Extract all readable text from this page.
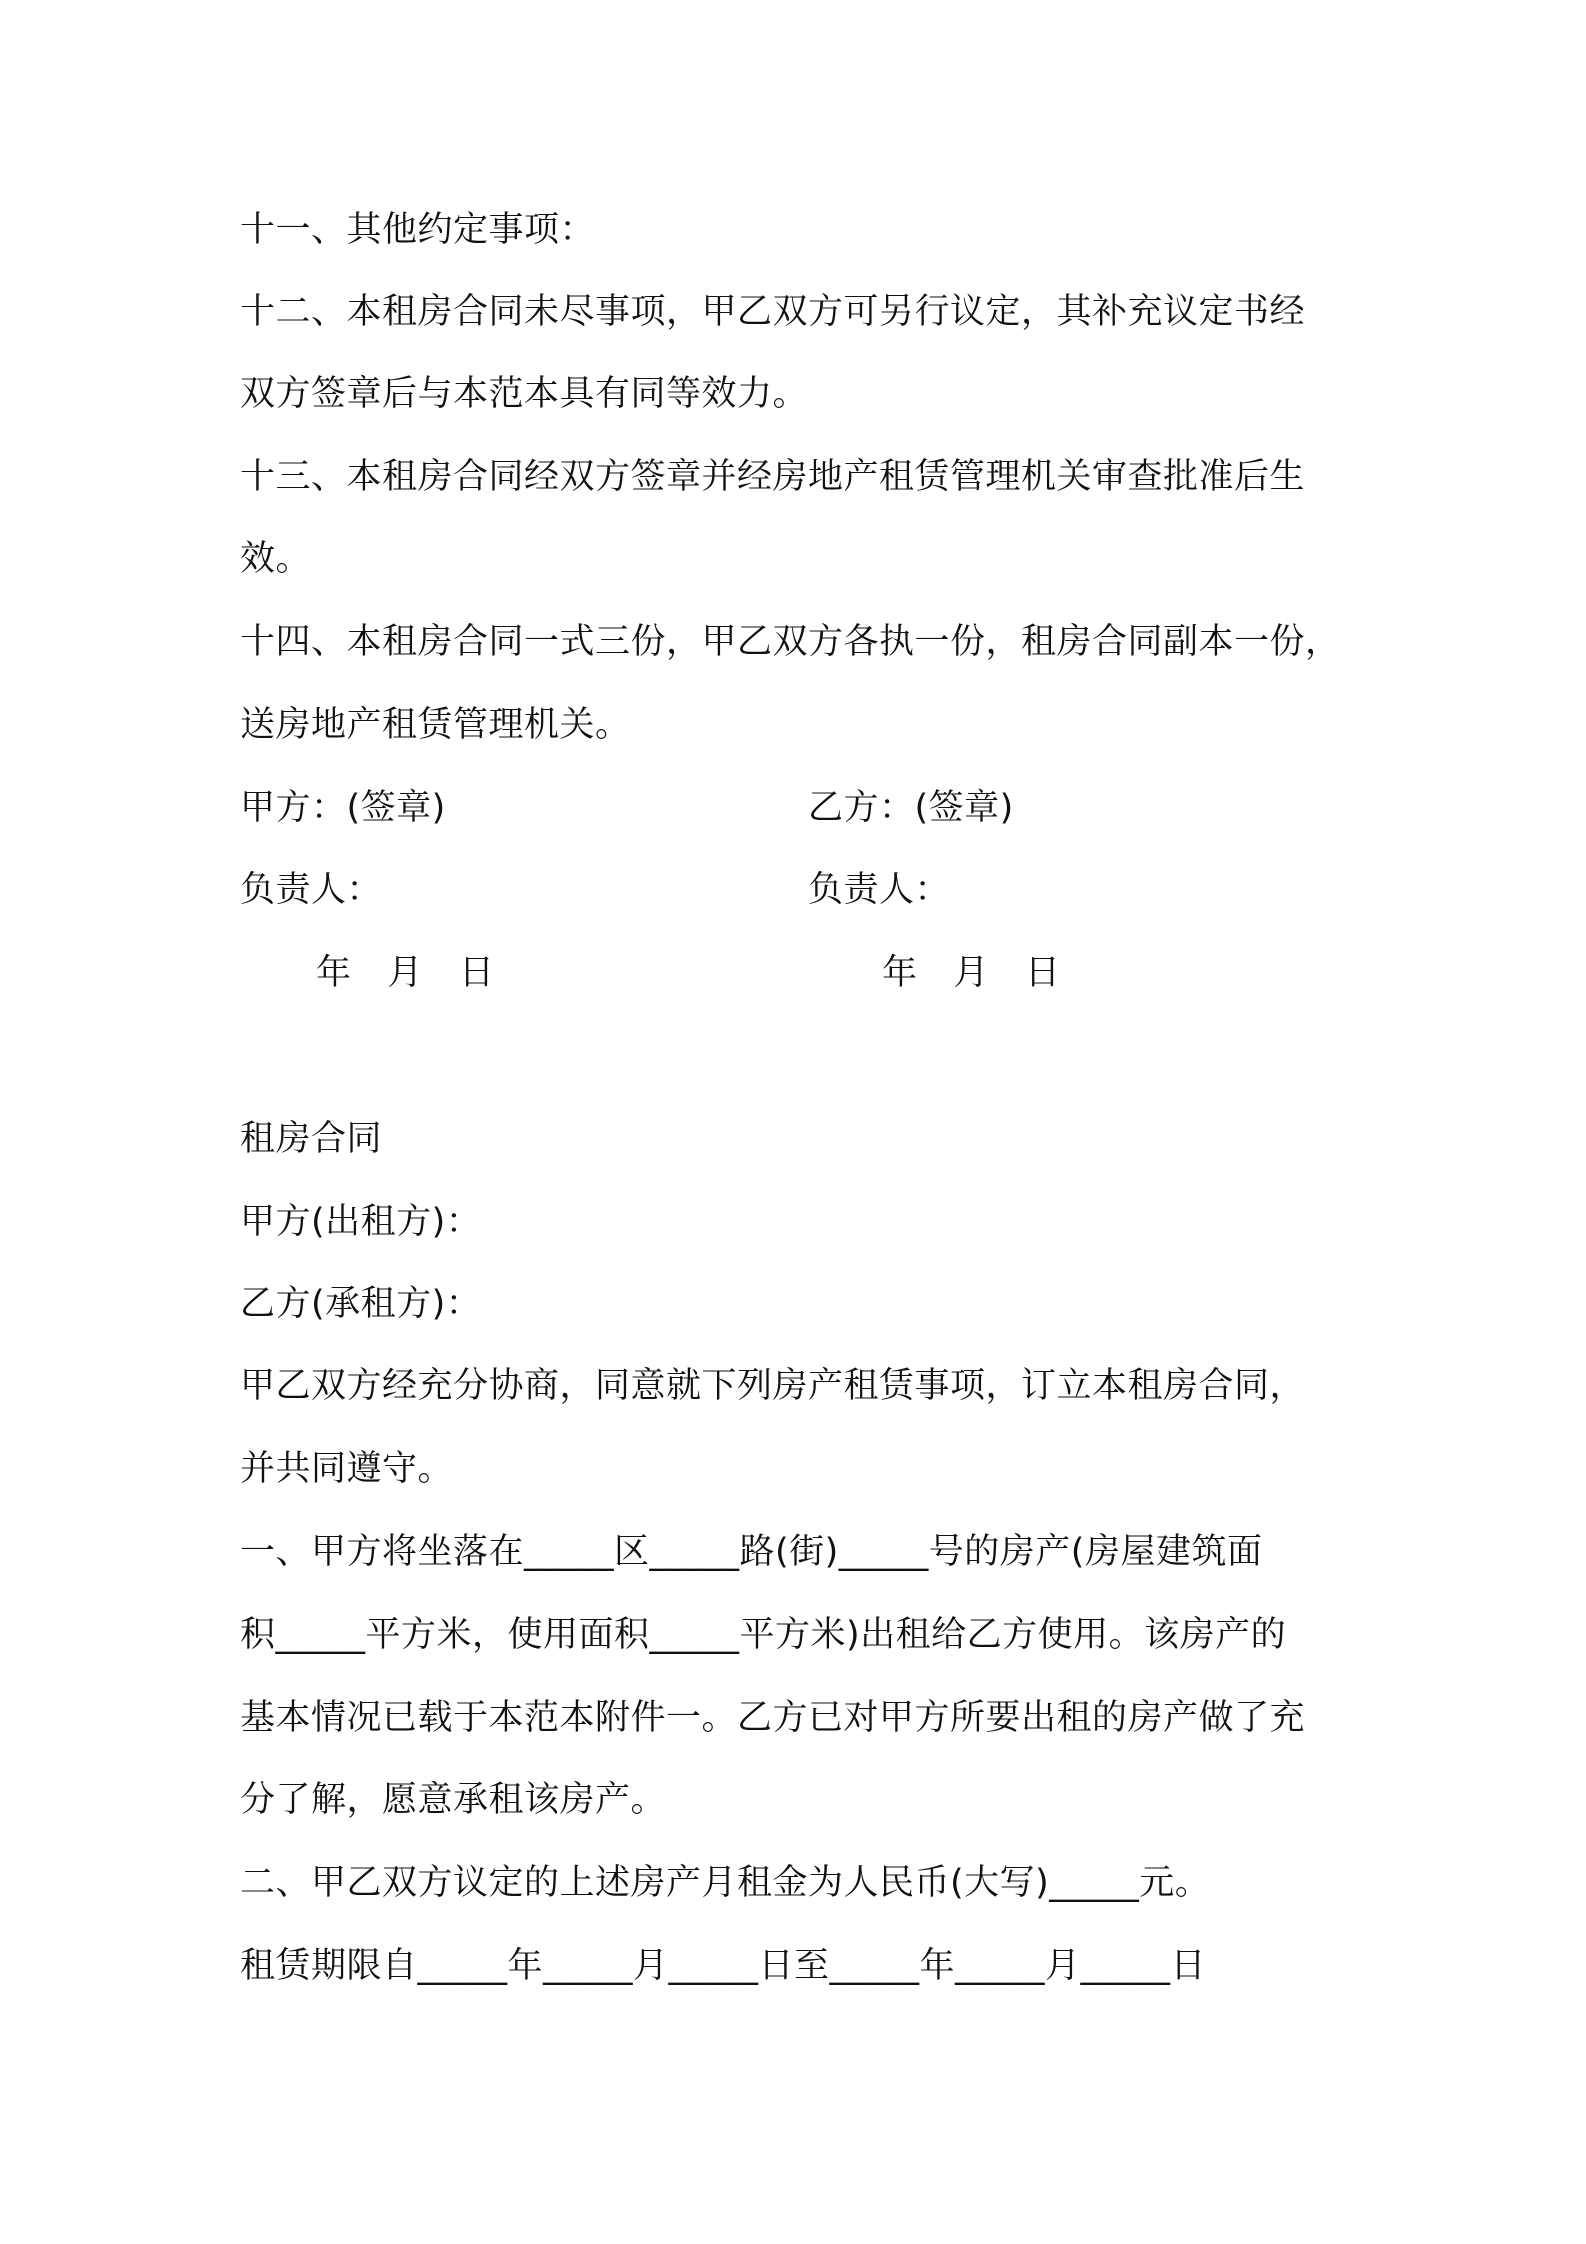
十一、其他约定事项：
十二、本租房合同未尽事项，甲乙双方可另行议定，其补充议定书经
双方签章后与本范本具有同等效力。
十三、本租房合同经双方签章并经房地产租赁管理机关审查批准后生
效。
十四、本租房合同一式三份，甲乙双方各执一份，租房合同副本一份，
送房地产租赁管理机关。
甲方：(签章)	乙方：(签章)
负责人：	负责人：
年 月 日	年 月 日
租房合同
甲方(出租方)：
乙方(承租方)：
甲乙双方经充分协商，同意就下列房产租赁事项，订立本租房合同，
并共同遵守。
一、甲方将坐落在_____区_____路(街)_____号的房产(房屋建筑面
积_____平方米，使用面积_____平方米)出租给乙方使用。该房产的
基本情况已载于本范本附件一。乙方已对甲方所要出租的房产做了充
分了解，愿意承租该房产。
二、甲乙双方议定的上述房产月租金为人民币(大写)_____元。
租赁期限自_____年_____月_____日至_____年_____月_____日
